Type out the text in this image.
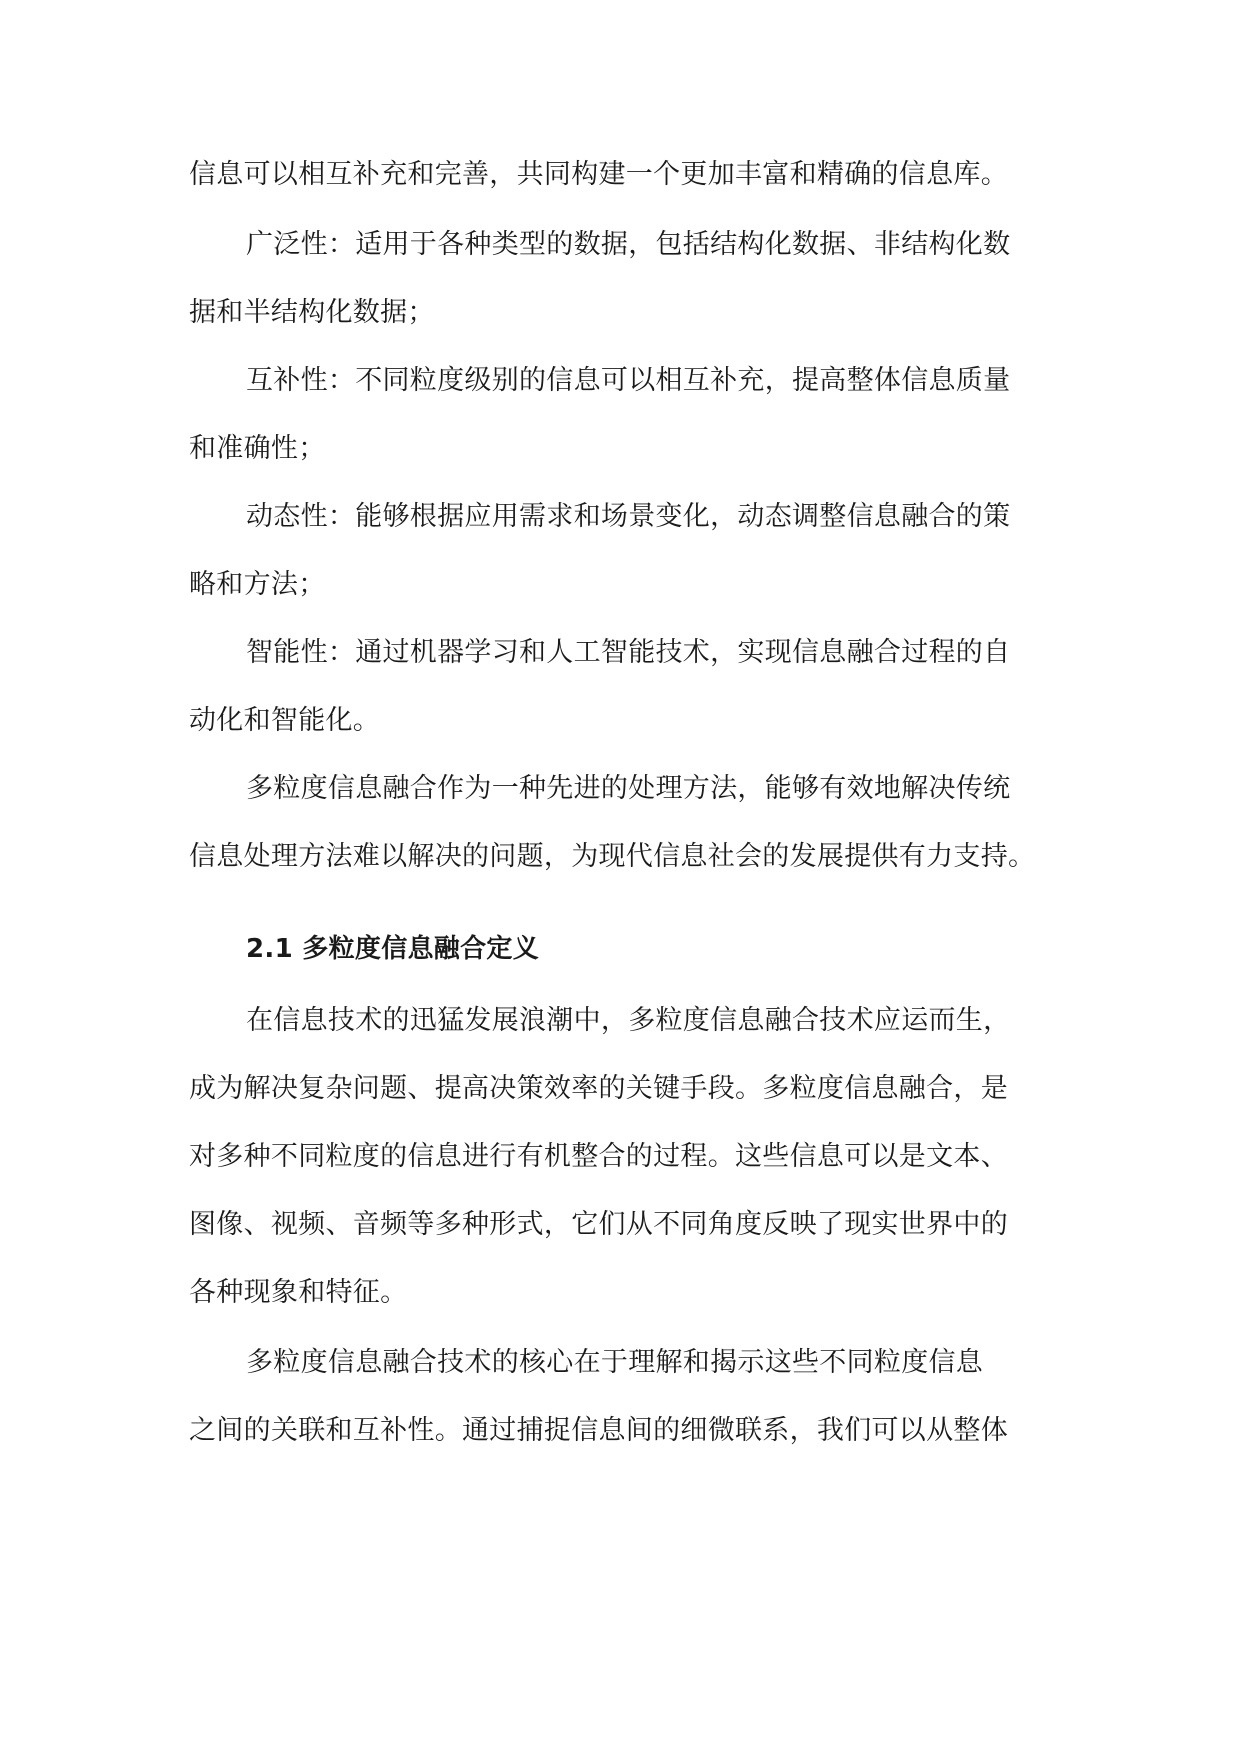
信息可以相互补充和完善，共同构建一个更加丰富和精确的信息库。
广泛性：适用于各种类型的数据，包括结构化数据、非结构化数
据和半结构化数据；
互补性：不同粒度级别的信息可以相互补充，提高整体信息质量
和准确性；
动态性：能够根据应用需求和场景变化，动态调整信息融合的策
略和方法；
智能性：通过机器学习和人工智能技术，实现信息融合过程的自
动化和智能化。
多粒度信息融合作为一种先进的处理方法，能够有效地解决传统
信息处理方法难以解决的问题，为现代信息社会的发展提供有力支持。
2.1 多粒度信息融合定义
在信息技术的迅猛发展浪潮中，多粒度信息融合技术应运而生，
成为解决复杂问题、提高决策效率的关键手段。多粒度信息融合，是
对多种不同粒度的信息进行有机整合的过程。这些信息可以是文本、
图像、视频、音频等多种形式，它们从不同角度反映了现实世界中的
各种现象和特征。
多粒度信息融合技术的核心在于理解和揭示这些不同粒度信息
之间的关联和互补性。通过捕捉信息间的细微联系，我们可以从整体
